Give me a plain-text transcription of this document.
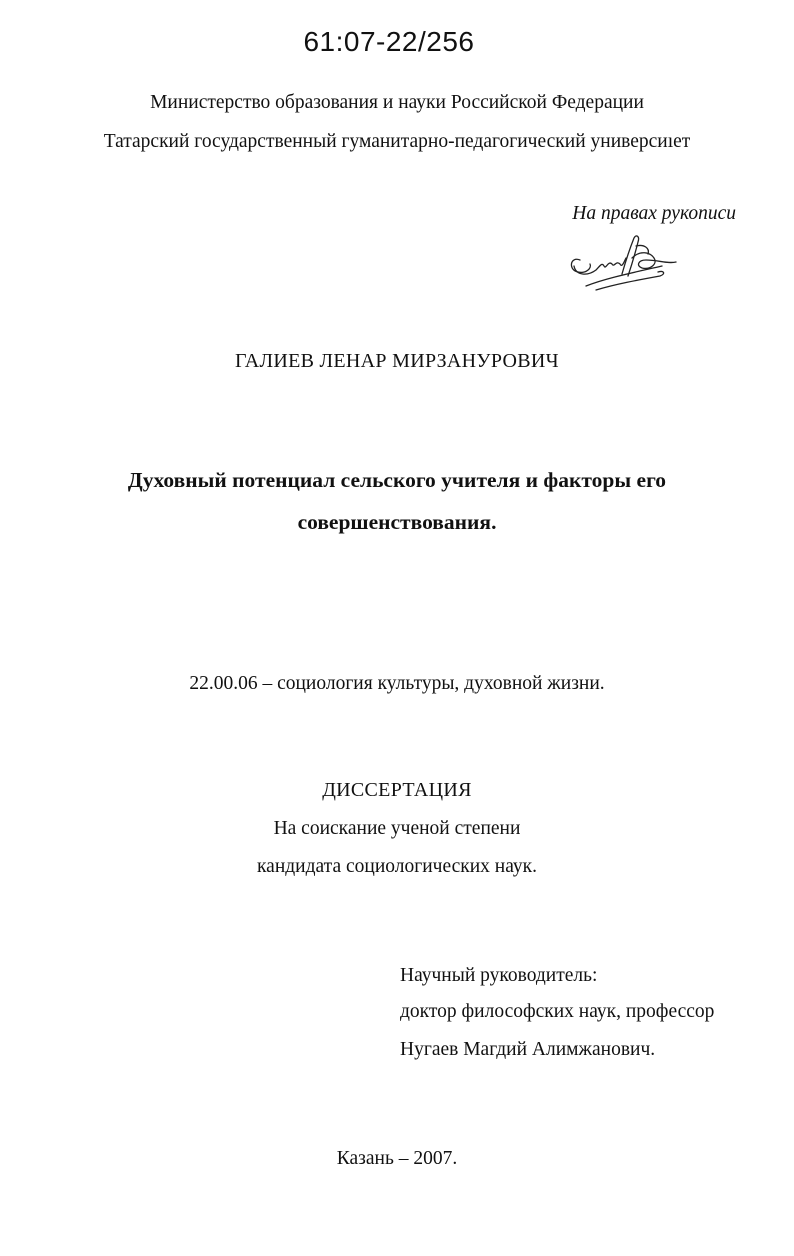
61:07-22/256
Министерство образования и науки Российской Федерации
Татарский государственный гуманитарно-педагогический универсиıет
На правах рукописи
ГАЛИЕВ ЛЕНАР МИРЗАНУРОВИЧ
Духовный потенциал сельского учителя и факторы его
совершенствования.
22.00.06 – социология культуры, духовной жизни.
ДИССЕРТАЦИЯ
На соискание ученой степени
кандидата социологических наук.
Научный руководитель:
доктор философских наук, профессор
Нугаев Магдий Алимжанович.
Казань – 2007.
